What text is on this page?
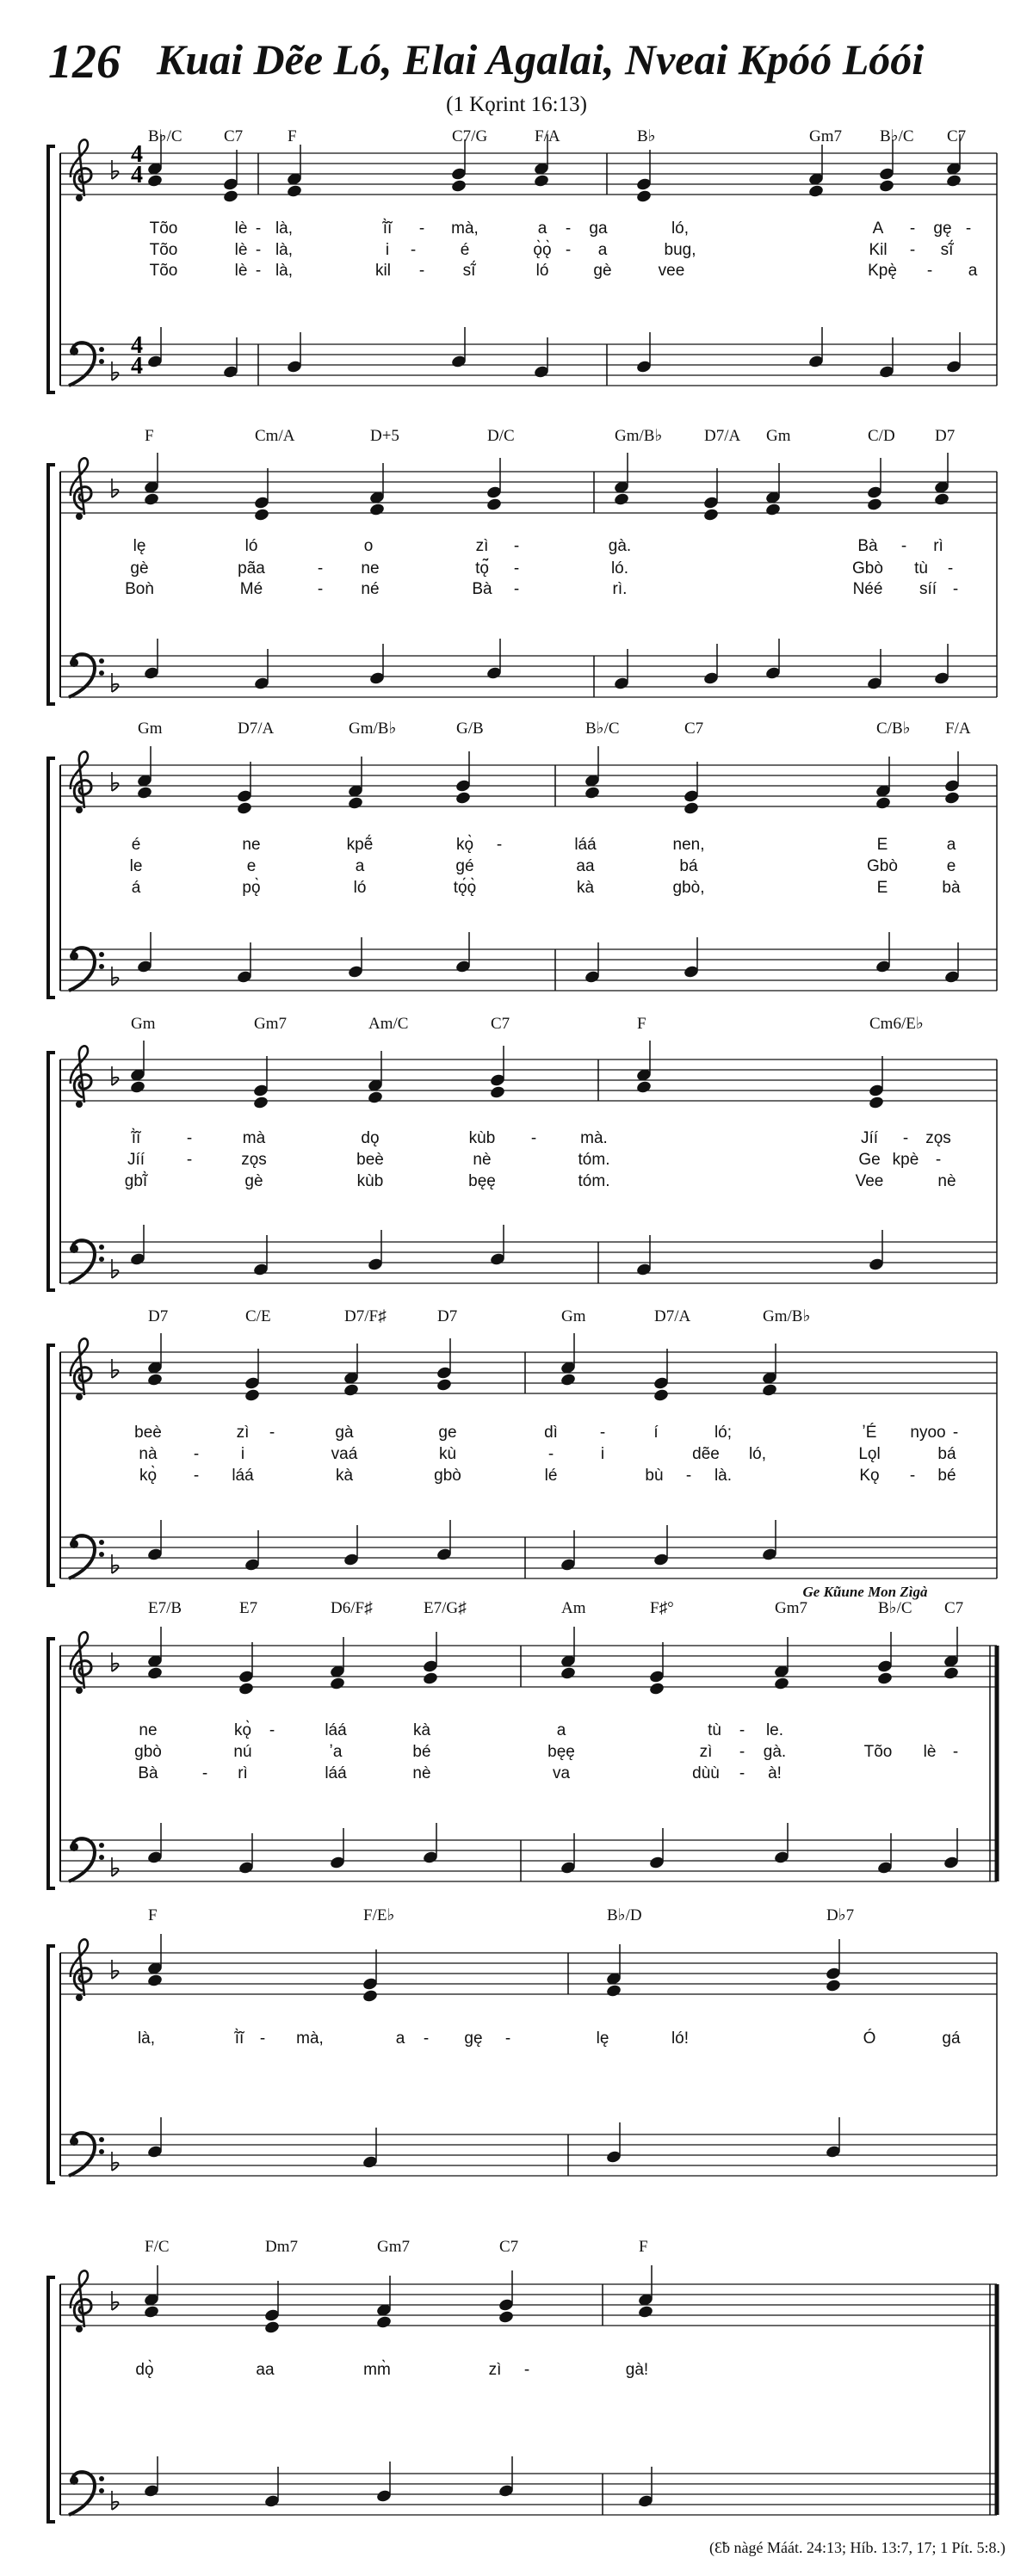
126 Kuai Dẽe Ló, Elai Agalai, Nveai Kpóó Lóói
(1 Kǫrint 16:13)
4
4
4
4
B♭/C	C7	F	C7/G	F/A	B♭	Gm7 B♭/C C7
Tõo	lè - là,	ĩ̀ĩ - mà,	a - ga	ló,	A - gę -
Tõo	lè - là,	i -	é	ǫ̀ǫ̀ - a	bug,	Kil - sĩ́
Tõo	lè - là,	kil - sĩ́	ló	gè	vee	Kpę̀ - a
F	Cm/A	D+5	D/C	Gm/B♭	D7/A Gm	C/D D7
lę	ló	o	zì -	gà.	Bà - rì
gè	pãa	- ne	tǫ̃́ -	ló.	Gbò tù -
Boǹ	Mé	- né	Bà -	rì.	Néé síí -
Gm	D7/A	Gm/B♭	G/B	B♭/C	C7	C/B♭ F/A
é	ne	kpẽ́	kǫ̀ -	láá	nen,	E	a
le	e	a	gé	aa	bá	Gbò	e
á	pǫ̀	ló	tǫ́ǫ̀	kà	gbò,	E	bà
Gm	Gm7	Am/C	C7	F	Cm6/E♭
ĩ̀ĩ	-	mà	dǫ	kùb -	mà.	Jíí - zǫs
Jíí	-	zǫs	beè	nè	tóm.	Ge kpè -
gbĩ̀	gè	kùb	bęę	tóm.	Vee	nè
D7	C/E	D7/F♯	D7	Gm	D7/A	Gm/B♭
beè	zì -	gà	ge	dì	-	í	ló;	ʼÉ nyoo -
nà -	i	vaá	kù	-	i	dẽe ló,	Lǫl	bá
kǫ̀ - láá	kà	gbò	lé	bù - là.	Kǫ - bé
E7/B	E7	D6/F♯	E7/G♯	Am	F♯°	Gm7	B♭/C C7
ne	kǫ̀ -	láá	kà	a	tù - le.
gbò	nú	ʼa	bé	bęę	zì - gà.	Tõo lè -
Bà	- rì	láá	nè	va	dùù - à!
F	F/E♭	B♭/D	D♭7
là,	ĩ̀ĩ - mà,	a - gę -	lę	ló!	Ó	gá
F/C	Dm7	Gm7	C7	F
dǫ̀	aa	mm̀	zì -	gà!
Ge Kũune Mon Zìgà
(Ɛ̃b nàgé Máát. 24:13; Híb. 13:7, 17; 1 Pít. 5:8.)
